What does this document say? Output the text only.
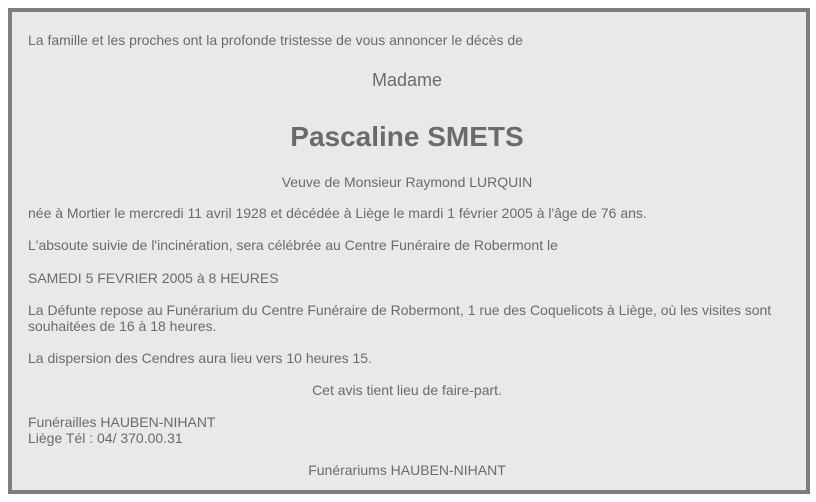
La famille et les proches ont la profonde tristesse de vous annoncer le décès de
Madame
Pascaline SMETS
Veuve de Monsieur Raymond LURQUIN
née à Mortier le mercredi 11 avril 1928 et décédée à Liège le mardi 1 février 2005 à l'âge de 76 ans.
L'absoute suivie de l'incinération, sera célébrée au Centre Funéraire de Robermont le
SAMEDI 5 FEVRIER 2005 à 8 HEURES
La Défunte repose au Funérarium du Centre Funéraire de Robermont, 1 rue des Coquelicots à Liège, où les visites sont souhaitées de 16 à 18 heures.
La dispersion des Cendres aura lieu vers 10 heures 15.
Cet avis tient lieu de faire-part.
Funérailles HAUBEN-NIHANT
Liège Tél : 04/ 370.00.31
Funérariums HAUBEN-NIHANT
